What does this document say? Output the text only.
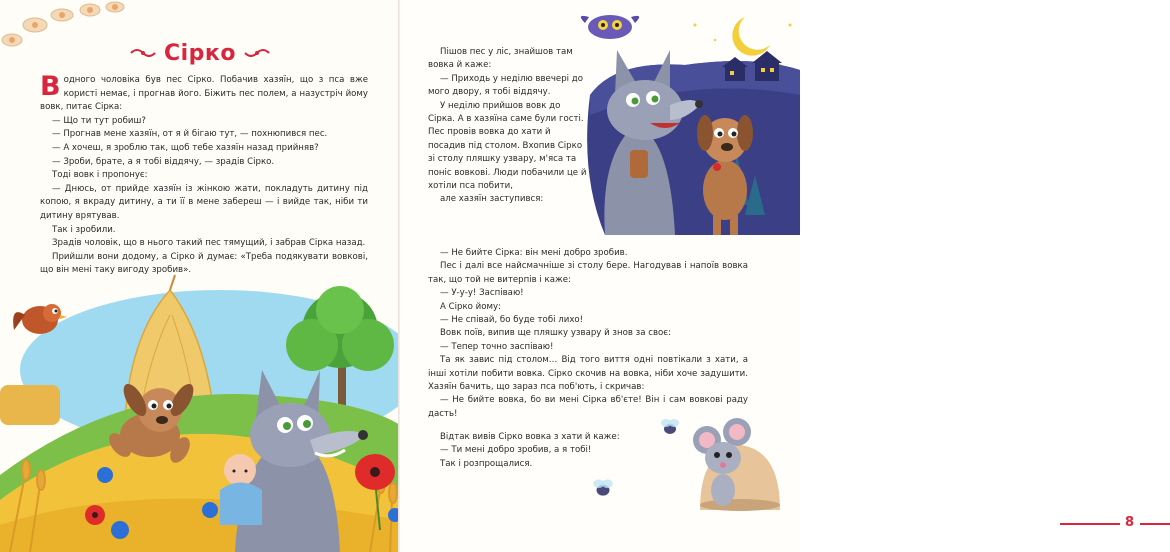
Сірко

Водного чоловіка був пес Сірко. Побачив хазяїн, що з пса вже користі немає, і прогнав його. Біжить пес полем, а назустріч йому вовк, питає Сірка:

— Що ти тут робиш?

— Прогнав мене хазяїн, от я й бігаю тут, — похнюпився пес.

— А хочеш, я зроблю так, щоб тебе хазяїн назад прийняв?

— Зроби, брате, а я тобі віддячу, — зрадів Сірко.

Тоді вовк і пропонує:

— Днюсь, от прийде хазяїн із жінкою жати, покладуть дитину під копою, я вкраду дитину, а ти її в мене забереш — і вийде так, ніби ти дитину врятував.

Так і зробили.

Зрадів чоловік, що в нього такий пес тямущий, і забрав Сірка назад.

Прийшли вони додому, а Сірко й думає: «Треба подякувати вовкові, що він мені таку вигоду зробив».

Пішов пес у ліс, знайшов там вовка й каже:

— Приходь у неділю ввечері до мого двору, я тобі віддячу.

У неділю прийшов вовк до Сірка. А в хазяїна саме були гості. Пес провів вовка до хати й посадив під столом. Вхопив Сірко зі столу пляшку узвару, м'яса та поніс вовкові. Люди побачили це й хотіли пса побити,

але хазяїн заступився:

— Не бийте Сірка: він мені добро зробив.

Пес і далі все найсмачніше зі столу бере. Нагодував і напоїв вовка так, що той не витерпів і каже:

— У-у-у! Заспіваю!

А Сірко йому:

— Не співай, бо буде тобі лихо!

Вовк поїв, випив ще пляшку узвару й знов за своє:

— Тепер точно заспіваю!

Та як завис під столом… Від того виття одні повтікали з хати, а інші хотіли побити вовка. Сірко скочив на вовка, ніби хоче задушити. Хазяїн бачить, що зараз пса поб'ють, і скричав:

— Не бийте вовка, бо ви мені Сірка вб'єте! Він і сам вовкові раду дасть!

Відтак вивів Сірко вовка з хати й каже:

— Ти мені добро зробив, а я тобі!

Так і розпрощалися.

8
